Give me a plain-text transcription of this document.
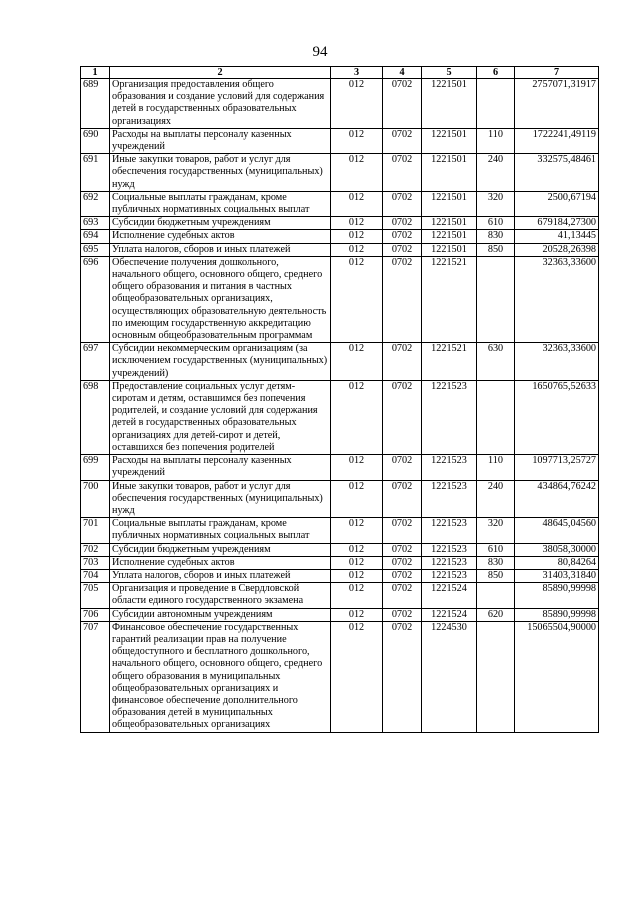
94
1	2	3	4	5	6	7
689	Организация предоставления общего образования и создание условий для содержания детей в государственных образовательных организациях	012	0702	1221501		2757071,31917
690	Расходы на выплаты персоналу казенных учреждений	012	0702	1221501	110	1722241,49119
691	Иные закупки товаров, работ и услуг для обеспечения государственных (муниципальных) нужд	012	0702	1221501	240	332575,48461
692	Социальные выплаты гражданам, кроме публичных нормативных социальных выплат	012	0702	1221501	320	2500,67194
693	Субсидии бюджетным учреждениям	012	0702	1221501	610	679184,27300
694	Исполнение судебных актов	012	0702	1221501	830	41,13445
695	Уплата налогов, сборов и иных платежей	012	0702	1221501	850	20528,26398
696	Обеспечение получения дошкольного, начального общего, основного общего, среднего общего образования и питания в частных общеобразовательных организациях, осуществляющих образовательную деятельность по имеющим государственную аккредитацию основным общеобразовательным программам	012	0702	1221521		32363,33600
697	Субсидии некоммерческим организациям (за исключением государственных (муниципальных) учреждений)	012	0702	1221521	630	32363,33600
698	Предоставление социальных услуг детям-сиротам и детям, оставшимся без попечения родителей, и создание условий для содержания детей в государственных образовательных организациях для детей-сирот и детей, оставшихся без попечения родителей	012	0702	1221523		1650765,52633
699	Расходы на выплаты персоналу казенных учреждений	012	0702	1221523	110	1097713,25727
700	Иные закупки товаров, работ и услуг для обеспечения государственных (муниципальных) нужд	012	0702	1221523	240	434864,76242
701	Социальные выплаты гражданам, кроме публичных нормативных социальных выплат	012	0702	1221523	320	48645,04560
702	Субсидии бюджетным учреждениям	012	0702	1221523	610	38058,30000
703	Исполнение судебных актов	012	0702	1221523	830	80,84264
704	Уплата налогов, сборов и иных платежей	012	0702	1221523	850	31403,31840
705	Организация и проведение в Свердловской области единого государственного экзамена	012	0702	1221524		85890,99998
706	Субсидии автономным учреждениям	012	0702	1221524	620	85890,99998
707	Финансовое обеспечение государственных гарантий реализации прав на получение общедоступного и бесплатного дошкольного, начального общего, основного общего, среднего общего образования в муниципальных общеобразовательных организациях и финансовое обеспечение дополнительного образования детей в муниципальных общеобразовательных организациях	012	0702	1224530		15065504,90000
